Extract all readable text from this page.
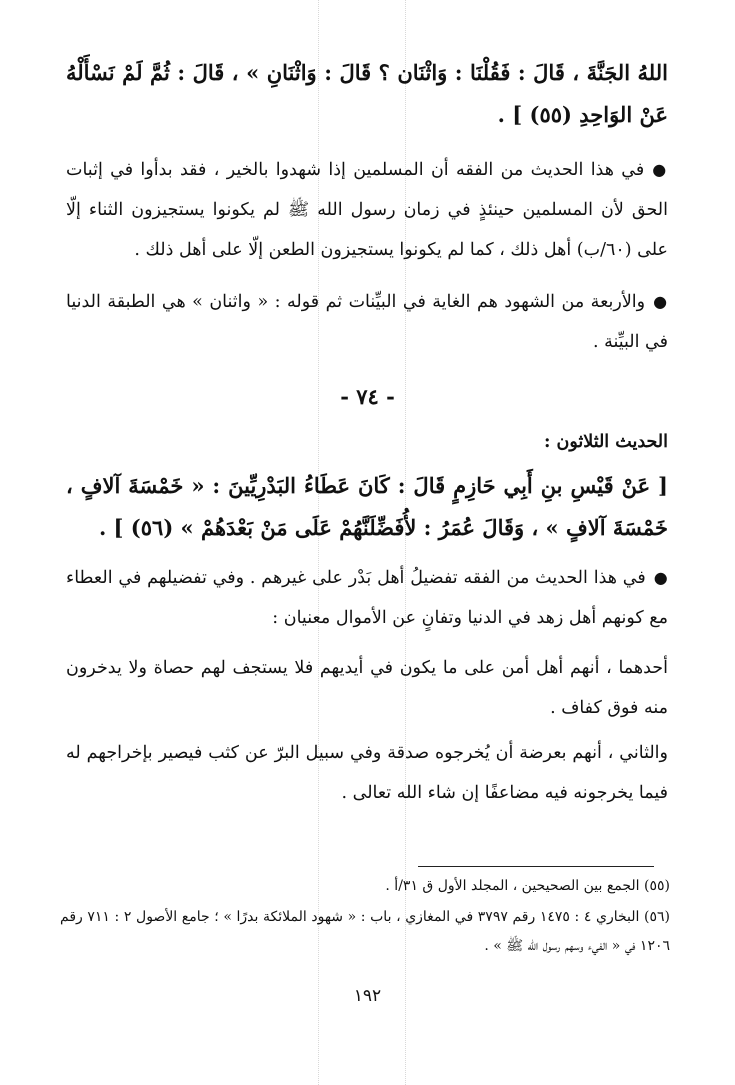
اللهُ الجَنَّةَ ، قَالَ : فَقُلْنَا : وَاثْنَان ؟ قَالَ : وَاثْنَانِ » ، قَالَ : ثُمَّ لَمْ نَسْأَلْهُ عَنْ الوَاحِدِ (٥٥) ] .
●في هذا الحديث من الفقه أن المسلمين إذا شهدوا بالخير ، فقد بدأوا في إثبات الحق لأن المسلمين حينئذٍ في زمان رسول الله ﷺ لم يكونوا يستجيزون الثناء إلّا على (٦٠/ب) أهل ذلك ، كما لم يكونوا يستجيزون الطعن إلّا على أهل ذلك .
●والأربعة من الشهود هم الغاية في البيِّنات ثم قوله : « واثنان » هي الطبقة الدنيا في البيِّنة .
- ٧٤ -
الحديث الثلاثون :
[ عَنْ قَيْسِ بنِ أَبِي حَازِمٍ قَالَ : كَانَ عَطَاءُ البَدْرِيِّينَ : « خَمْسَةَ آلافٍ ، خَمْسَةَ آلافٍ » ، وَقَالَ عُمَرُ : لأُفَضِّلَنَّهُمْ عَلَى مَنْ بَعْدَهُمْ » (٥٦) ] .
●في هذا الحديث من الفقه تفضيلُ أهل بَدْر على غيرهم . وفي تفضيلهم في العطاء مع كونهم أهل زهد في الدنيا وتفانٍ عن الأموال معنيان :
أحدهما ، أنهم أهل أمن على ما يكون في أيديهم فلا يستجف لهم حصاة ولا يدخرون منه فوق كفاف .
والثاني ، أنهم بعرضة أن يُخرجوه صدقة وفي سبيل البرّ عن كثب فيصير بإخراجهم له فيما يخرجونه فيه مضاعفًا إن شاء الله تعالى .
(٥٥) الجمع بين الصحيحين ، المجلد الأول ق ٣١/أ .
(٥٦) البخاري ٤ : ١٤٧٥ رقم ٣٧٩٧ في المغازي ، باب : « شهود الملائكة بدرًا » ؛ جامع الأصول ٢ : ٧١١ رقم ١٢٠٦ في « الفيء وسهم رسول الله ﷺ » .
١٩٢
